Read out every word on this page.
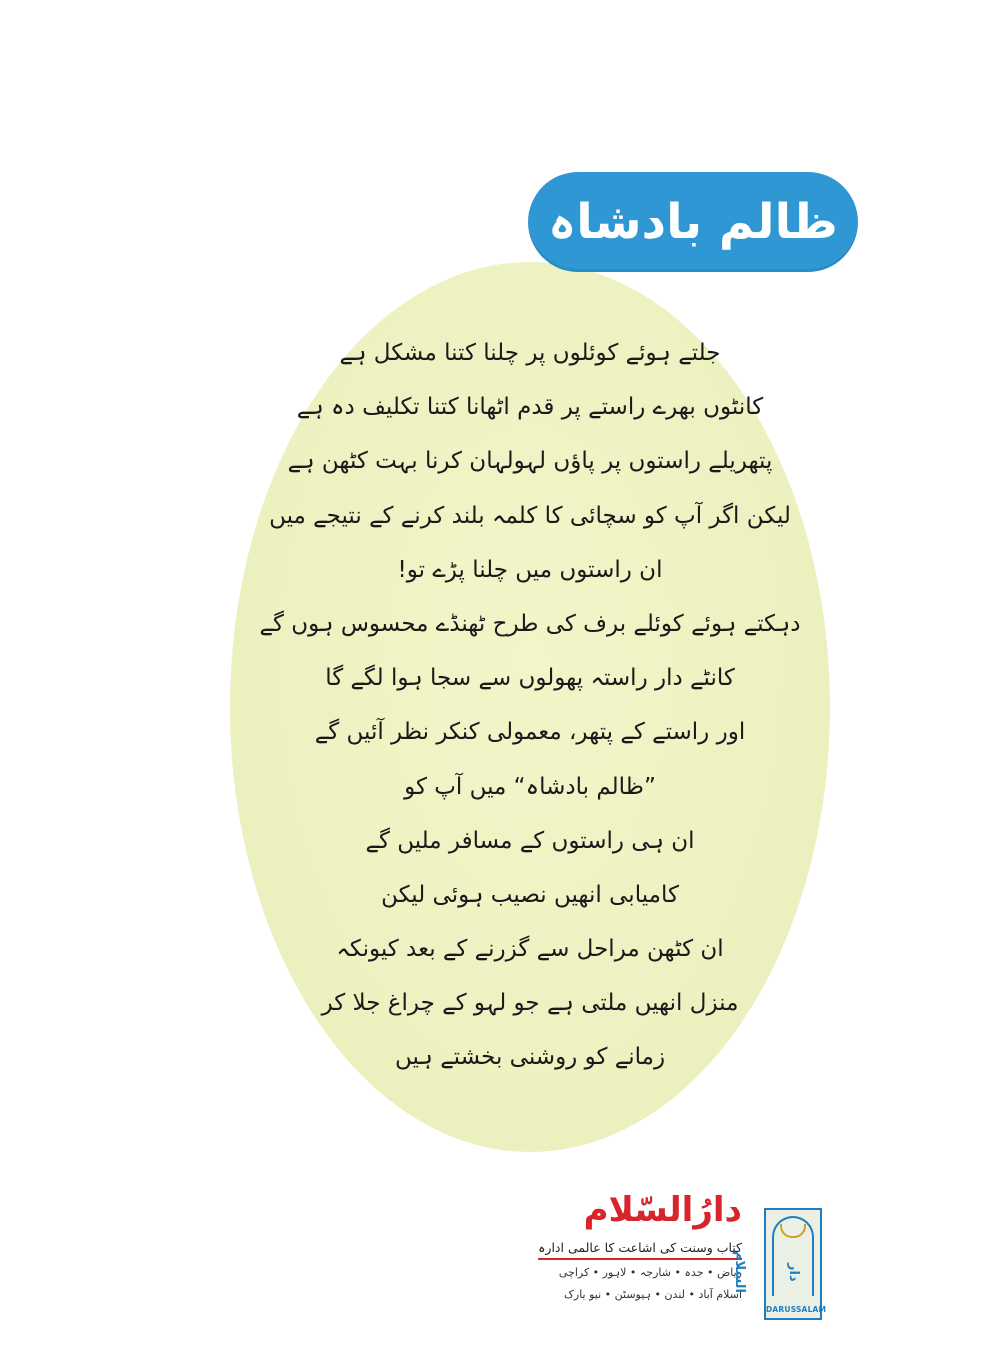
ظالم بادشاہ
جلتے ہوئے کوئلوں پر چلنا کتنا مشکل ہے
کانٹوں بھرے راستے پر قدم اٹھانا کتنا تکلیف دہ ہے
پتھریلے راستوں پر پاؤں لہولہان کرنا بہت کٹھن ہے
لیکن اگر آپ کو سچائی کا کلمہ بلند کرنے کے نتیجے میں
ان راستوں میں چلنا پڑے تو!
دہکتے ہوئے کوئلے برف کی طرح ٹھنڈے محسوس ہوں گے
کانٹے دار راستہ پھولوں سے سجا ہوا لگے گا
اور راستے کے پتھر، معمولی کنکر نظر آئیں گے
”ظالم بادشاہ“ میں آپ کو
ان ہی راستوں کے مسافر ملیں گے
کامیابی انھیں نصیب ہوئی لیکن
ان کٹھن مراحل سے گزرنے کے بعد کیونکہ
منزل انھیں ملتی ہے جو لہو کے چراغ جلا کر
زمانے کو روشنی بخشتے ہیں
دارُالسّلام
کتاب وسنت کی اشاعت کا عالمی ادارہ
ریاض • جدہ • شارجہ • لاہور • کراچی
اسلام آباد • لندن • ہیوسٹن • نیو یارک
دار السلام
DARUSSALAM
